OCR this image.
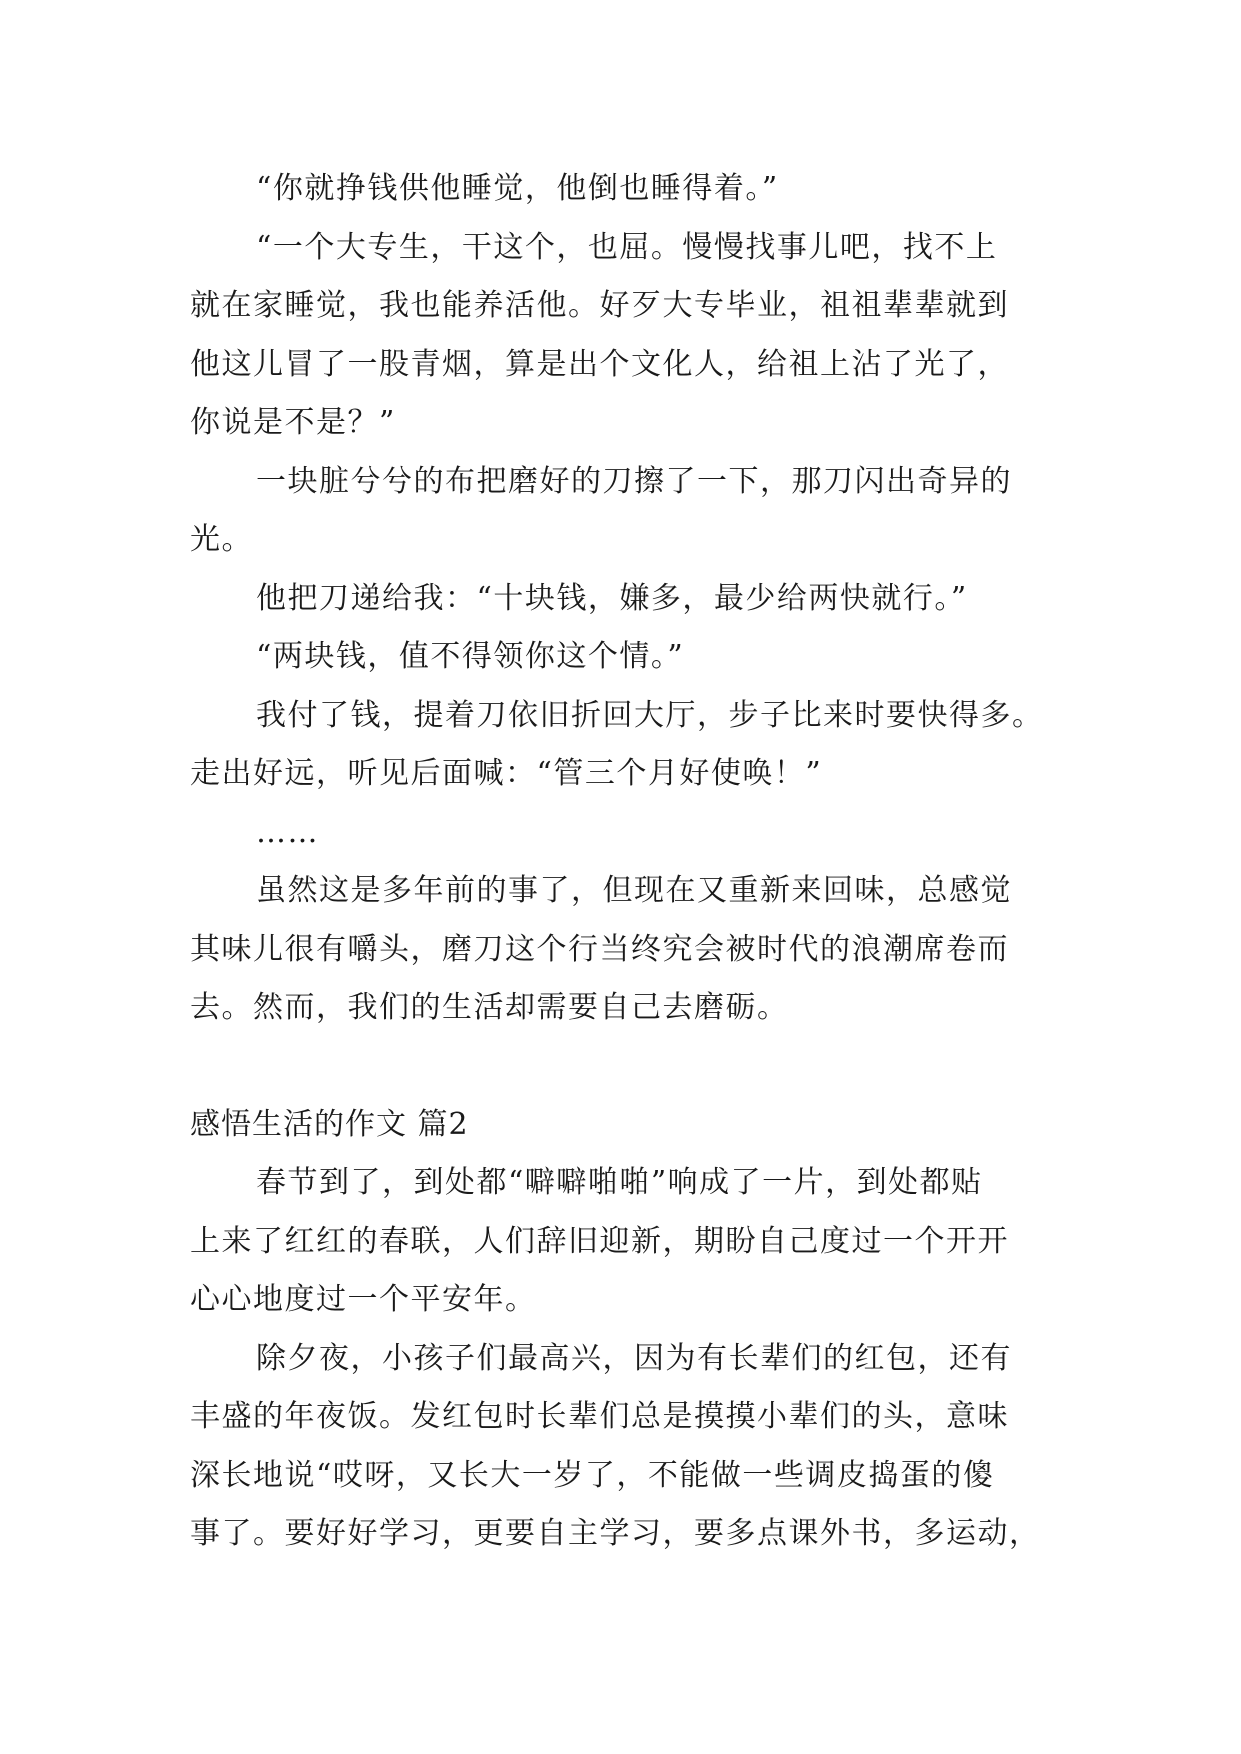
“你就挣钱供他睡觉，他倒也睡得着。”
“一个大专生，干这个，也屈。慢慢找事儿吧，找不上
就在家睡觉，我也能养活他。好歹大专毕业，祖祖辈辈就到
他这儿冒了一股青烟，算是出个文化人，给祖上沾了光了，
你说是不是？”
一块脏兮兮的布把磨好的刀擦了一下，那刀闪出奇异的
光。
他把刀递给我：“十块钱，嫌多，最少给两快就行。”
“两块钱，值不得领你这个情。”
我付了钱，提着刀依旧折回大厅，步子比来时要快得多。
走出好远，听见后面喊：“管三个月好使唤！”
……
虽然这是多年前的事了，但现在又重新来回味，总感觉
其味儿很有嚼头，磨刀这个行当终究会被时代的浪潮席卷而
去。然而，我们的生活却需要自己去磨砺。
感悟生活的作文 篇2
春节到了，到处都“噼噼啪啪”响成了一片，到处都贴
上来了红红的春联，人们辞旧迎新，期盼自己度过一个开开
心心地度过一个平安年。
除夕夜，小孩子们最高兴，因为有长辈们的红包，还有
丰盛的年夜饭。发红包时长辈们总是摸摸小辈们的头，意味
深长地说“哎呀，又长大一岁了，不能做一些调皮捣蛋的傻
事了。要好好学习，更要自主学习，要多点课外书，多运动，
